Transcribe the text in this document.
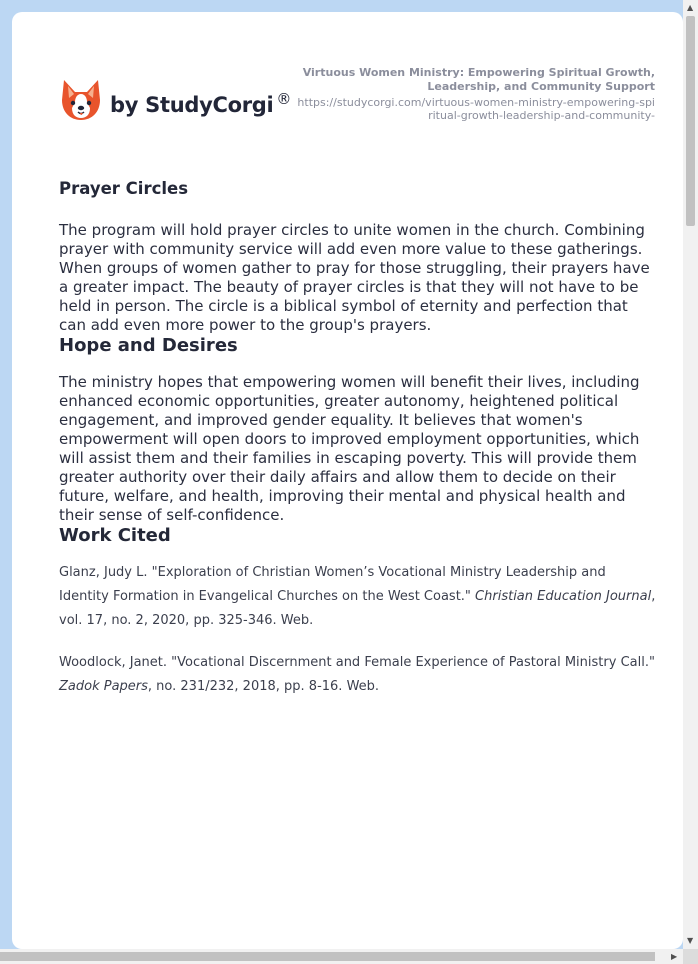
by StudyCorgi ®
Virtuous Women Ministry: Empowering Spiritual Growth, Leadership, and Community Support
https://studycorgi.com/virtuous-women-ministry-empowering-spiritual-growth-leadership-and-community-
Prayer Circles

The program will hold prayer circles to unite women in the church. Combining prayer with community service will add even more value to these gatherings. When groups of women gather to pray for those struggling, their prayers have a greater impact. The beauty of prayer circles is that they will not have to be held in person. The circle is a biblical symbol of eternity and perfection that can add even more power to the group's prayers.

Hope and Desires

The ministry hopes that empowering women will benefit their lives, including enhanced economic opportunities, greater autonomy, heightened political engagement, and improved gender equality. It believes that women's empowerment will open doors to improved employment opportunities, which will assist them and their families in escaping poverty. This will provide them greater authority over their daily affairs and allow them to decide on their future, welfare, and health, improving their mental and physical health and their sense of self-confidence.

Work Cited

Glanz, Judy L. "Exploration of Christian Women’s Vocational Ministry Leadership and Identity Formation in Evangelical Churches on the West Coast." Christian Education Journal, vol. 17, no. 2, 2020, pp. 325-346. Web.

Woodlock, Janet. "Vocational Discernment and Female Experience of Pastoral Ministry Call." Zadok Papers, no. 231/232, 2018, pp. 8-16. Web.

▲
▼
▶
